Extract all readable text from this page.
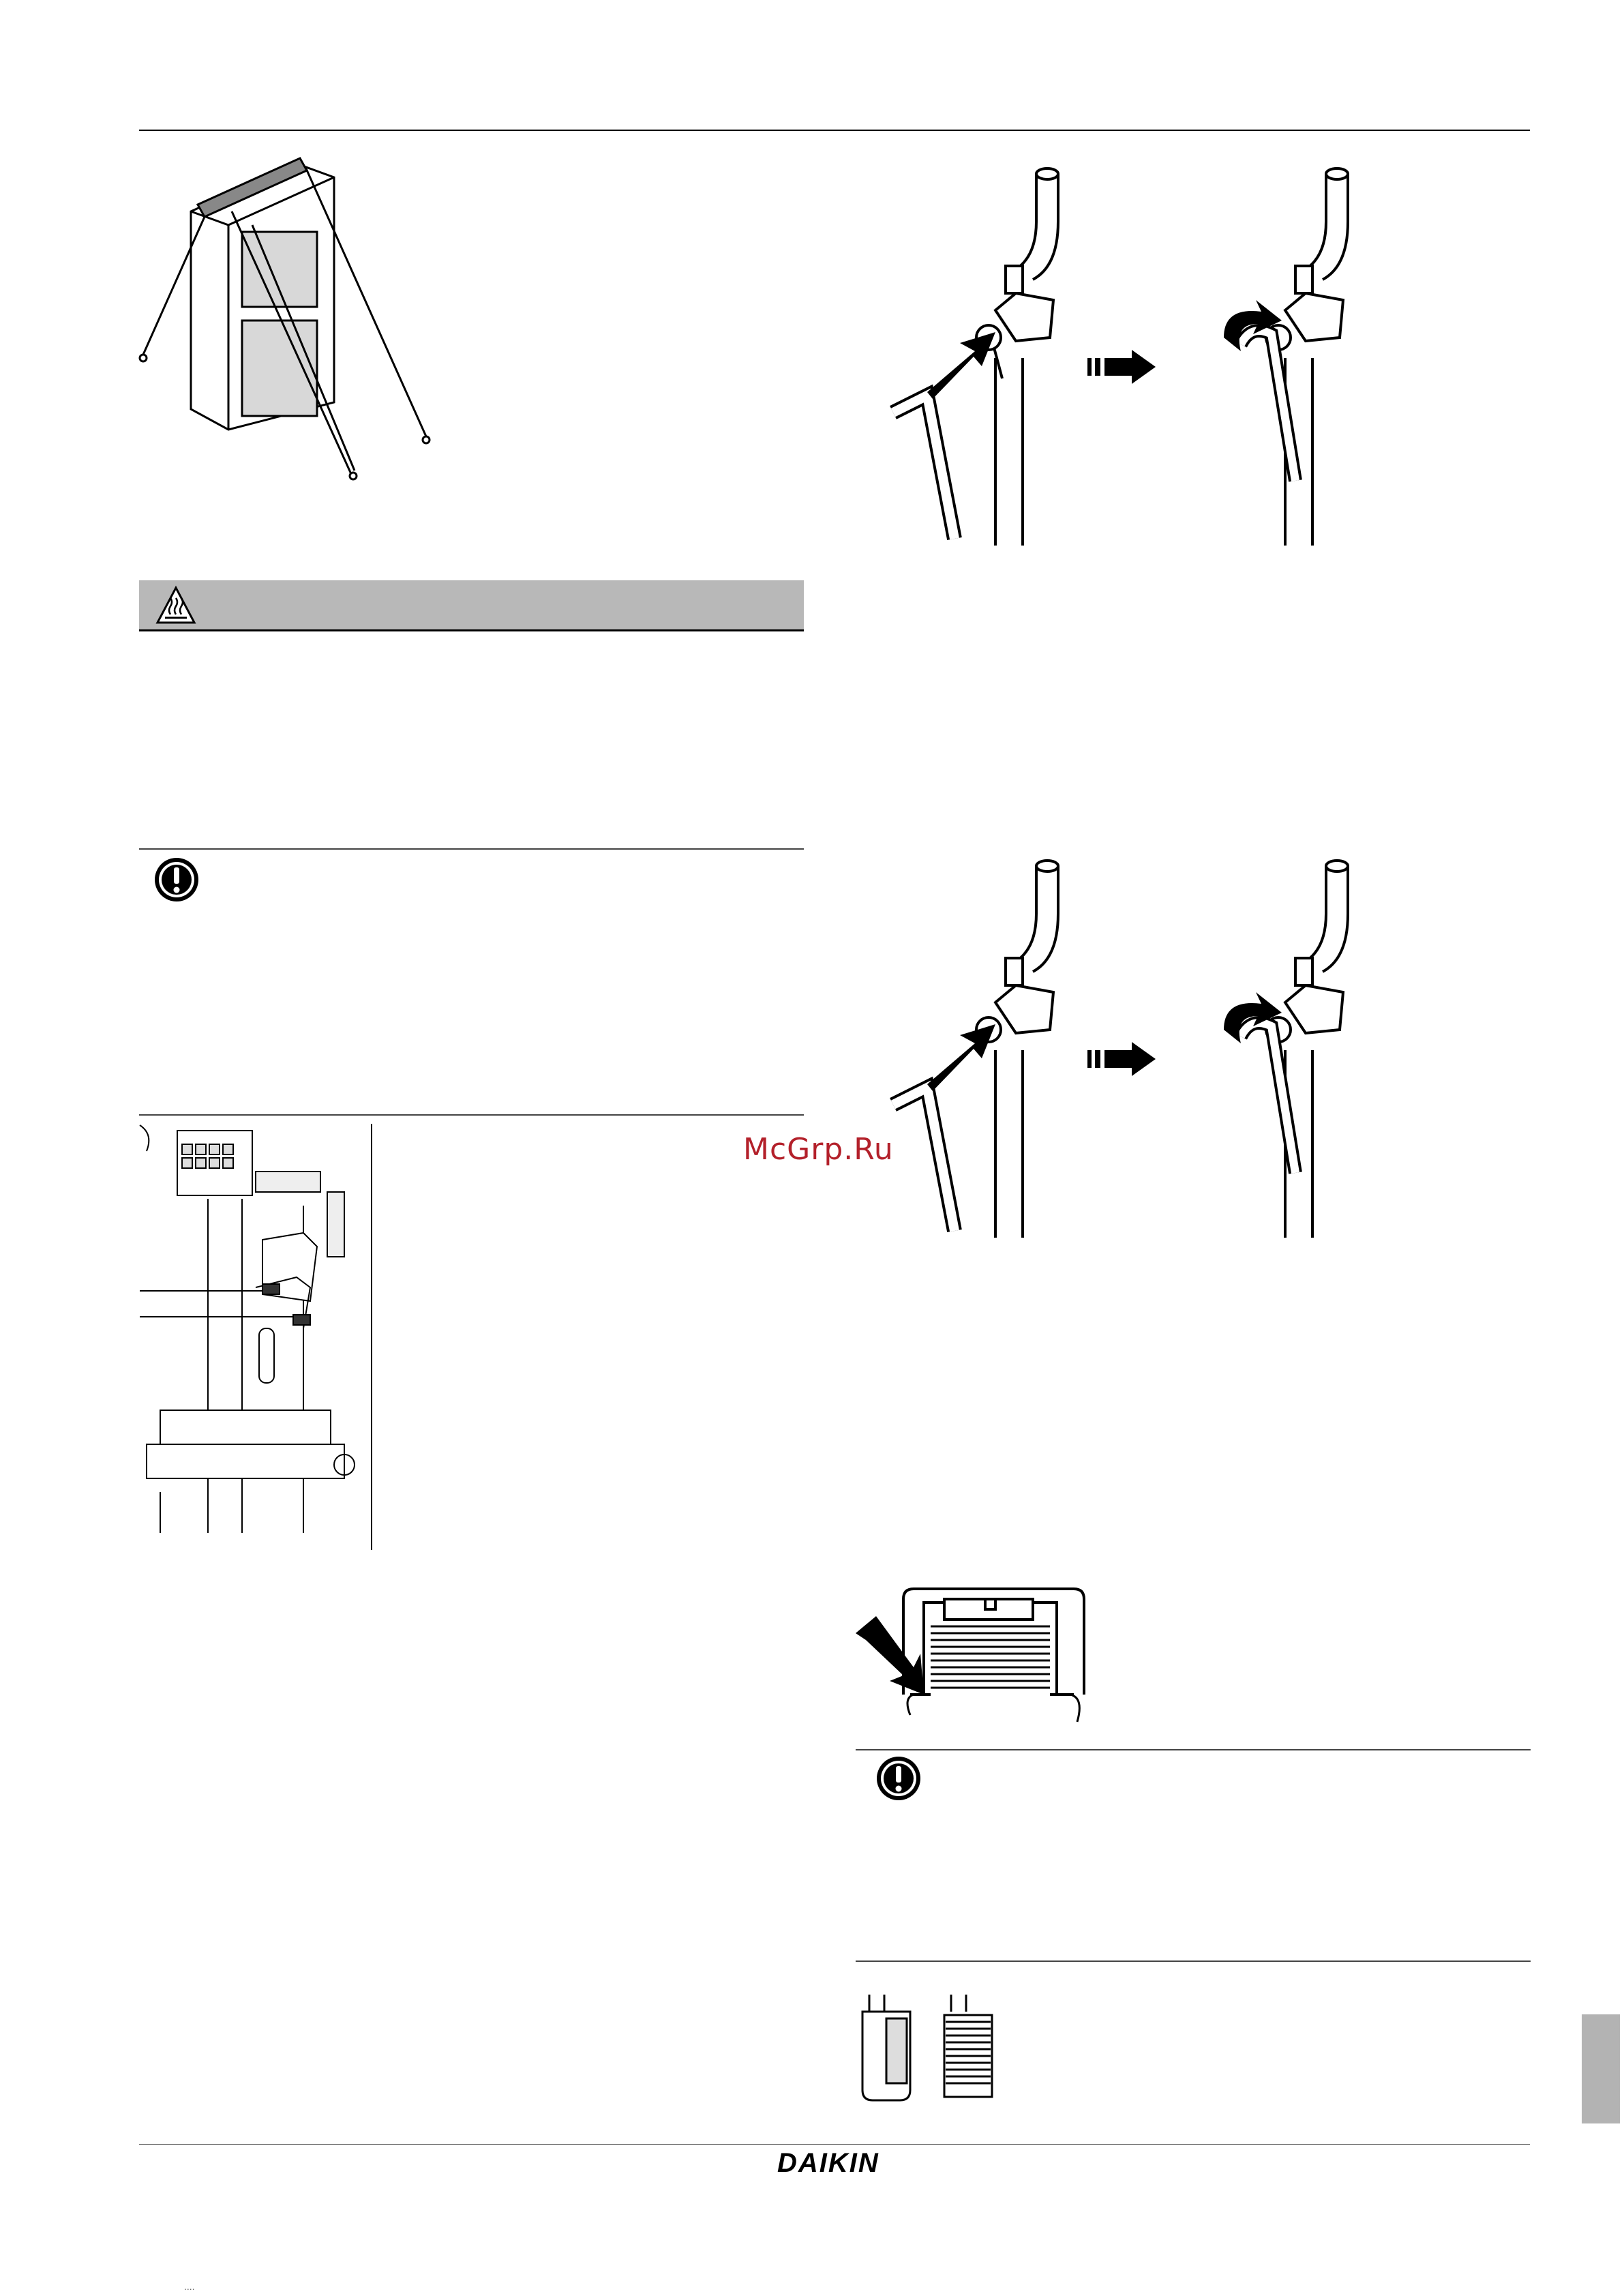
McGrp.Ru
DAIKIN
....
